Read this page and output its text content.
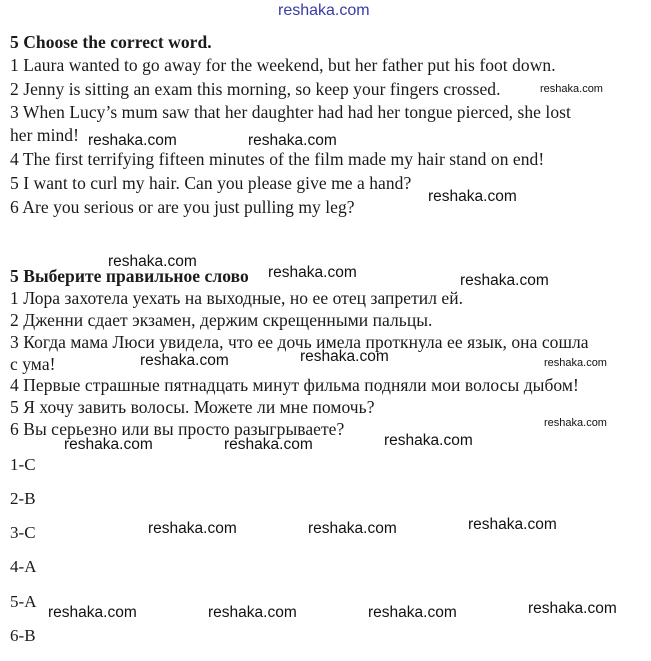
reshaka.com
5 Choose the correct word.
1 Laura wanted to go away for the weekend, but her father put his foot down.
2 Jenny is sitting an exam this morning, so keep your fingers crossed.
3 When Lucy’s mum saw that her daughter had had her tongue pierced, she lost
her mind!
4 The first terrifying fifteen minutes of the film made my hair stand on end!
5 I want to curl my hair. Can you please give me a hand?
6 Are you serious or are you just pulling my leg?
5 Выберите правильное слово
1 Лора захотела уехать на выходные, но ее отец запретил ей.
2 Дженни сдает экзамен, держим скрещенными пальцы.
3 Когда мама Люси увидела, что ее дочь имела проткнула ее язык, она сошла
с ума!
4 Первые страшные пятнадцать минут фильма подняли мои волосы дыбом!
5 Я хочу завить волосы. Можете ли мне помочь?
6 Вы серьезно или вы просто разыгрываете?
1-C
2-B
3-C
4-A
5-A
6-B
reshaka.com
reshaka.com	reshaka.com
reshaka.com
reshaka.com
reshaka.com	reshaka.com
reshaka.com	reshaka.com	reshaka.com
reshaka.com
reshaka.com
reshaka.com	reshaka.com
reshaka.com	reshaka.com	reshaka.com
reshaka.com	reshaka.com	reshaka.com	reshaka.com
